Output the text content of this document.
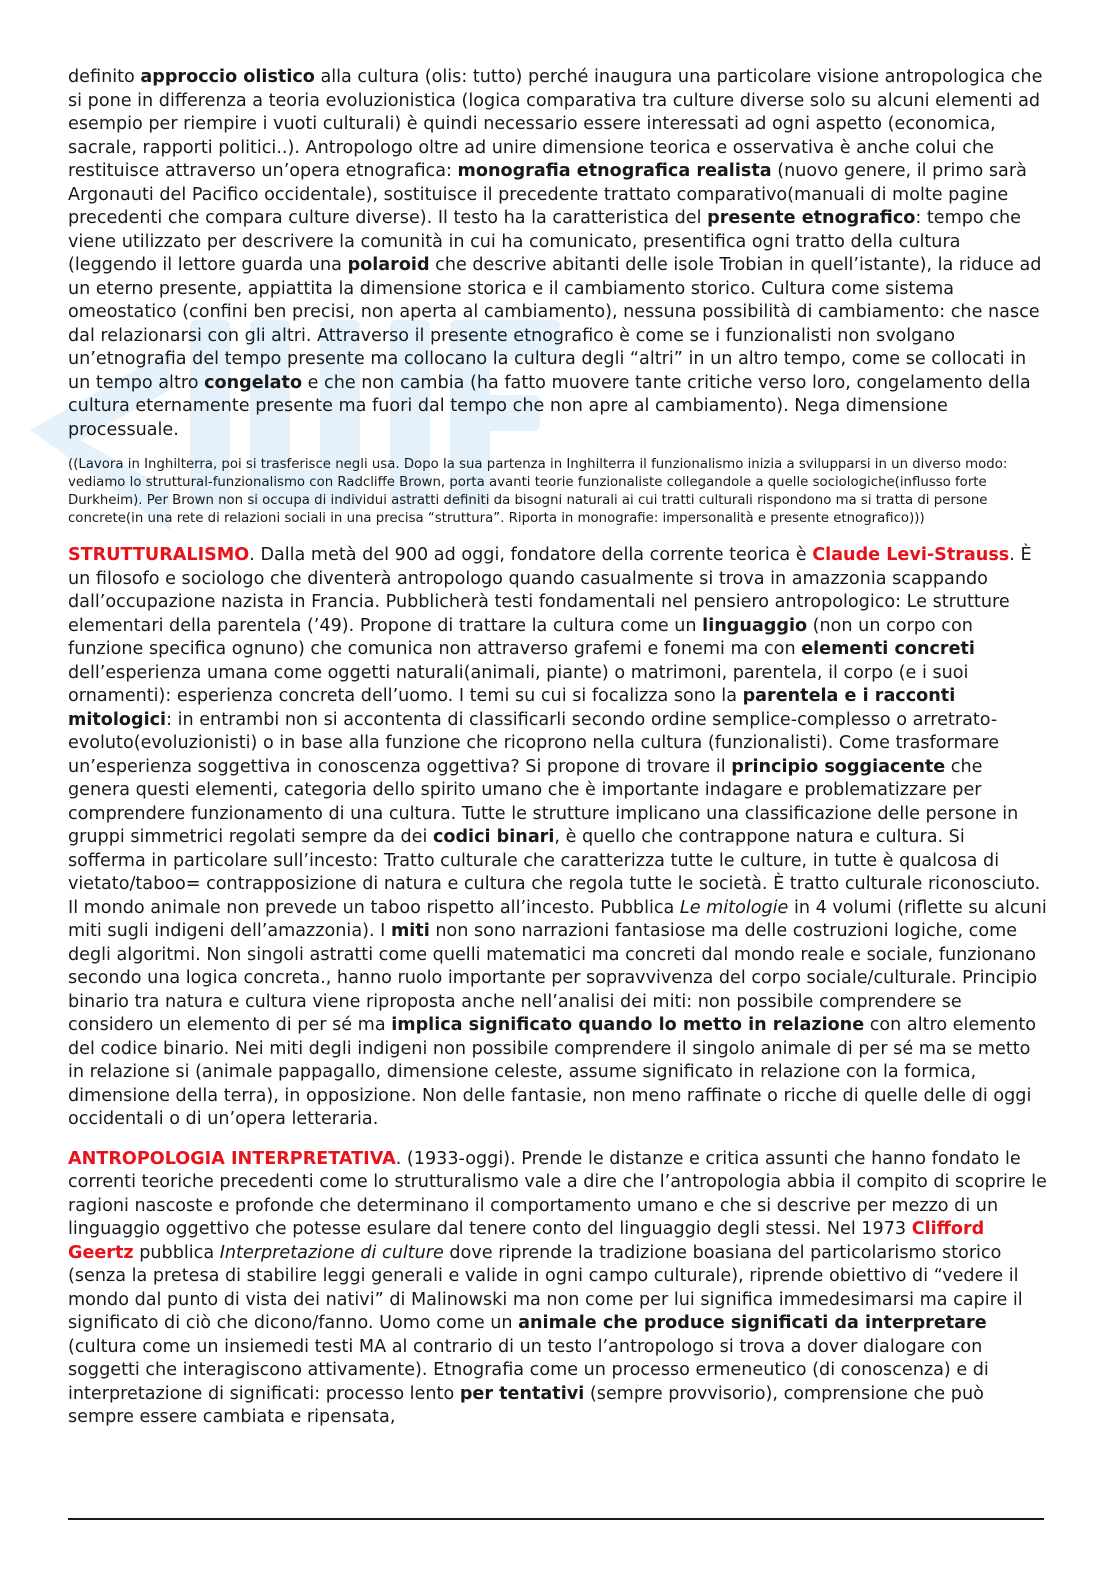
definito approccio olistico alla cultura (olis: tutto) perché inaugura una particolare visione antropologica che si pone in differenza a teoria evoluzionistica (logica comparativa tra culture diverse solo su alcuni elementi ad esempio per riempire i vuoti culturali) è quindi necessario essere interessati ad ogni aspetto (economica, sacrale, rapporti politici..). Antropologo oltre ad unire dimensione teorica e osservativa è anche colui che restituisce attraverso un’opera etnografica: monografia etnografica realista (nuovo genere, il primo sarà Argonauti del Pacifico occidentale), sostituisce il precedente trattato comparativo(manuali di molte pagine precedenti che compara culture diverse). Il testo ha la caratteristica del presente etnografico: tempo che viene utilizzato per descrivere la comunità in cui ha comunicato, presentifica ogni tratto della cultura (leggendo il lettore guarda una polaroid che descrive abitanti delle isole Trobian in quell’istante), la riduce ad un eterno presente, appiattita la dimensione storica e il cambiamento storico. Cultura come sistema omeostatico (confini ben precisi, non aperta al cambiamento), nessuna possibilità di cambiamento: che nasce dal relazionarsi con gli altri. Attraverso il presente etnografico è come se i funzionalisti non svolgano un’etnografia del tempo presente ma collocano la cultura degli “altri” in un altro tempo, come se collocati in un tempo altro congelato e che non cambia (ha fatto muovere tante critiche verso loro, congelamento della cultura eternamente presente ma fuori dal tempo che non apre al cambiamento). Nega dimensione processuale.

((Lavora in Inghilterra, poi si trasferisce negli usa. Dopo la sua partenza in Inghilterra il funzionalismo inizia a svilupparsi in un diverso modo: vediamo lo struttural-funzionalismo con Radcliffe Brown, porta avanti teorie funzionaliste collegandole a quelle sociologiche(influsso forte Durkheim). Per Brown non si occupa di individui astratti definiti da bisogni naturali ai cui tratti culturali rispondono ma si tratta di persone concrete(in una rete di relazioni sociali in una precisa “struttura”. Riporta in monografie: impersonalità e presente etnografico)))

STRUTTURALISMO. Dalla metà del 900 ad oggi, fondatore della corrente teorica è Claude Levi-Strauss. È un filosofo e sociologo che diventerà antropologo quando casualmente si trova in amazzonia scappando dall’occupazione nazista in Francia. Pubblicherà testi fondamentali nel pensiero antropologico: Le strutture elementari della parentela (’49). Propone di trattare la cultura come un linguaggio (non un corpo con funzione specifica ognuno) che comunica non attraverso grafemi e fonemi ma con elementi concreti dell’esperienza umana come oggetti naturali(animali, piante) o matrimoni, parentela, il corpo (e i suoi ornamenti): esperienza concreta dell’uomo. I temi su cui si focalizza sono la parentela e i racconti mitologici: in entrambi non si accontenta di classificarli secondo ordine semplice-complesso o arretrato-evoluto(evoluzionisti) o in base alla funzione che ricoprono nella cultura (funzionalisti). Come trasformare un’esperienza soggettiva in conoscenza oggettiva? Si propone di trovare il principio soggiacente che genera questi elementi, categoria dello spirito umano che è importante indagare e problematizzare per comprendere funzionamento di una cultura. Tutte le strutture implicano una classificazione delle persone in gruppi simmetrici regolati sempre da dei codici binari, è quello che contrappone natura e cultura. Si sofferma in particolare sull’incesto: Tratto culturale che caratterizza tutte le culture, in tutte è qualcosa di vietato/taboo= contrapposizione di natura e cultura che regola tutte le società. È tratto culturale riconosciuto. Il mondo animale non prevede un taboo rispetto all’incesto. Pubblica Le mitologie in 4 volumi (riflette su alcuni miti sugli indigeni dell’amazzonia). I miti non sono narrazioni fantasiose ma delle costruzioni logiche, come degli algoritmi. Non singoli astratti come quelli matematici ma concreti dal mondo reale e sociale, funzionano secondo una logica concreta., hanno ruolo importante per sopravvivenza del corpo sociale/culturale. Principio binario tra natura e cultura viene riproposta anche nell’analisi dei miti: non possibile comprendere se considero un elemento di per sé ma implica significato quando lo metto in relazione con altro elemento del codice binario. Nei miti degli indigeni non possibile comprendere il singolo animale di per sé ma se metto in relazione si (animale pappagallo, dimensione celeste, assume significato in relazione con la formica, dimensione della terra), in opposizione. Non delle fantasie, non meno raffinate o ricche di quelle delle di oggi occidentali o di un’opera letteraria.

ANTROPOLOGIA INTERPRETATIVA. (1933-oggi). Prende le distanze e critica assunti che hanno fondato le correnti teoriche precedenti come lo strutturalismo vale a dire che l’antropologia abbia il compito di scoprire le ragioni nascoste e profonde che determinano il comportamento umano e che si descrive per mezzo di un linguaggio oggettivo che potesse esulare dal tenere conto del linguaggio degli stessi. Nel 1973 Clifford Geertz pubblica Interpretazione di culture dove riprende la tradizione boasiana del particolarismo storico (senza la pretesa di stabilire leggi generali e valide in ogni campo culturale), riprende obiettivo di “vedere il mondo dal punto di vista dei nativi” di Malinowski ma non come per lui significa immedesimarsi ma capire il significato di ciò che dicono/fanno. Uomo come un animale che produce significati da interpretare (cultura come un insiemedi testi MA al contrario di un testo l’antropologo si trova a dover dialogare con soggetti che interagiscono attivamente). Etnografia come un processo ermeneutico (di conoscenza) e di interpretazione di significati: processo lento per tentativi (sempre provvisorio), comprensione che può sempre essere cambiata e ripensata,
